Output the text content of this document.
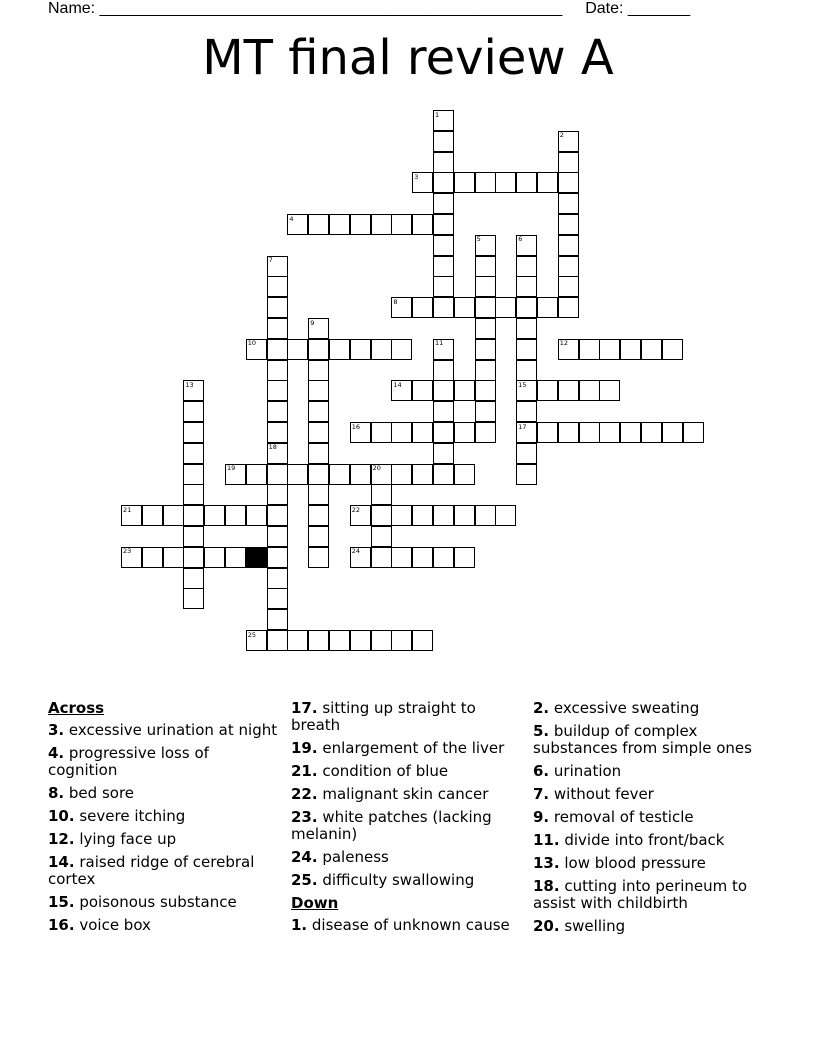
Name: ____________________________________________________ Date: _______
MT final review A
1
2
3
4
5	6
7
8
9
10	11	12
13	14	15
16	17
18
19	20
21	22
23	24
25
Across
3. excessive urination at night
4. progressive loss of cognition
8. bed sore
10. severe itching
12. lying face up
14. raised ridge of cerebral cortex
15. poisonous substance
16. voice box
17. sitting up straight to breath
19. enlargement of the liver
21. condition of blue
22. malignant skin cancer
23. white patches (lacking melanin)
24. paleness
25. difficulty swallowing
Down
1. disease of unknown cause
2. excessive sweating
5. buildup of complex substances from simple ones
6. urination
7. without fever
9. removal of testicle
11. divide into front/back
13. low blood pressure
18. cutting into perineum to assist with childbirth
20. swelling
